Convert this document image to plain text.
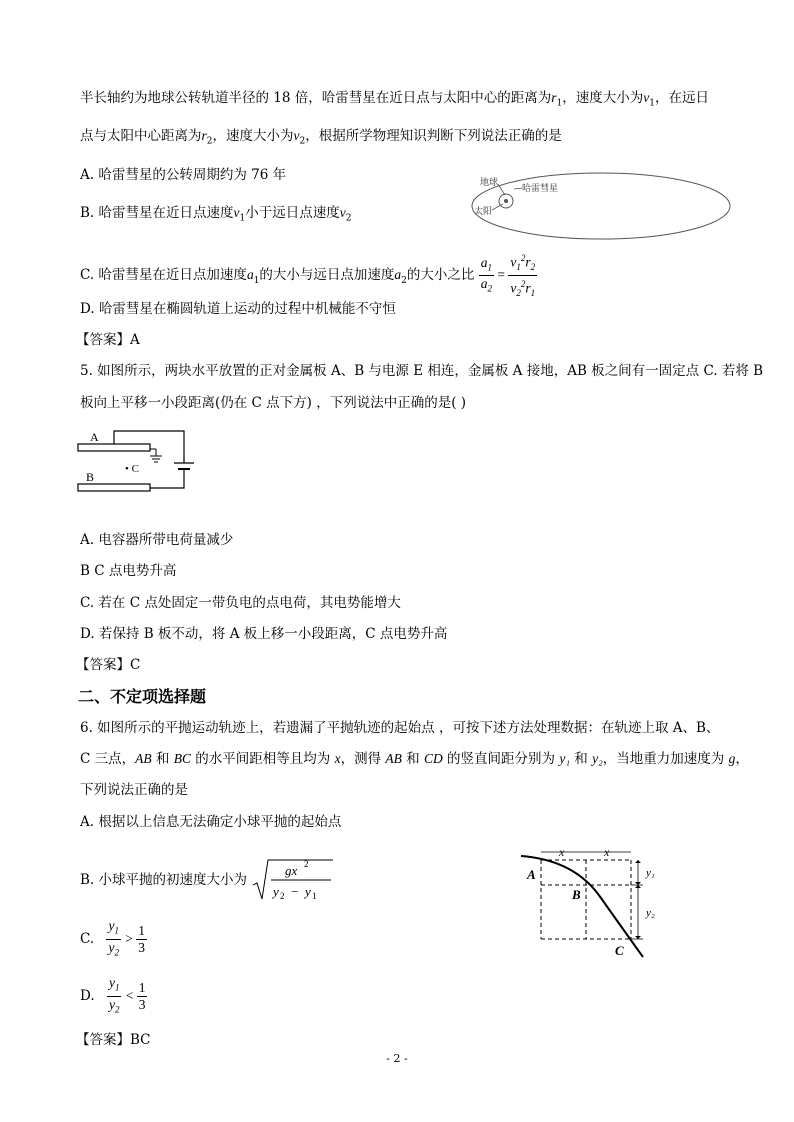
半长轴约为地球公转轨道半径的 18 倍，哈雷彗星在近日点与太阳中心的距离为$r_1$，速度大小为$v_1$，在远日
点与太阳中心距离为$r_2$，速度大小为$v_2$，根据所学物理知识判断下列说法正确的是
A. 哈雷彗星的公转周期约为 76 年
B. 哈雷彗星在近日点速度$v_1$小于远日点速度$v_2$
C. 哈雷彗星在近日点加速度$a_1$的大小与远日点加速度$a_2$的大小之比 $\frac{a_1}{a_2} = \frac{v_1^2r_2}{v_2^2r_1}$
D. 哈雷彗星在椭圆轨道上运动的过程中机械能不守恒
【答案】A
地球
哈雷彗星
太阳
5. 如图所示，两块水平放置的正对金属板 A、B 与电源 E 相连，金属板 A 接地，AB 板之间有一固定点 C. 若将 B
板向上平移一小段距离(仍在 C 点下方) ，下列说法中正确的是( )
A
B
• C
A. 电容器所带电荷量减少
B C 点电势升高
C. 若在 C 点处固定一带负电的点电荷，其电势能增大
D. 若保持 B 板不动，将 A 板上移一小段距离，C 点电势升高
【答案】C
二、不定项选择题
6. 如图所示的平抛运动轨迹上，若遗漏了平抛轨迹的起始点 ，可按下述方法处理数据：在轨迹上取 A、B、
C 三点，AB 和 BC 的水平间距相等且均为 x，测得 AB 和 CD 的竖直间距分别为 y₁ 和 y₂，当地重力加速度为 g，
下列说法正确的是
A. 根据以上信息无法确定小球平抛的起始点
B. 小球平抛的初速度大小为
gx 2
y 2 − y 1
C. $\frac{y_1}{y_2} > \frac{1}{3}$
D. $\frac{y_1}{y_2} < \frac{1}{3}$
【答案】BC
x	x
A
B
C
y₁
y₂
- 2 -
